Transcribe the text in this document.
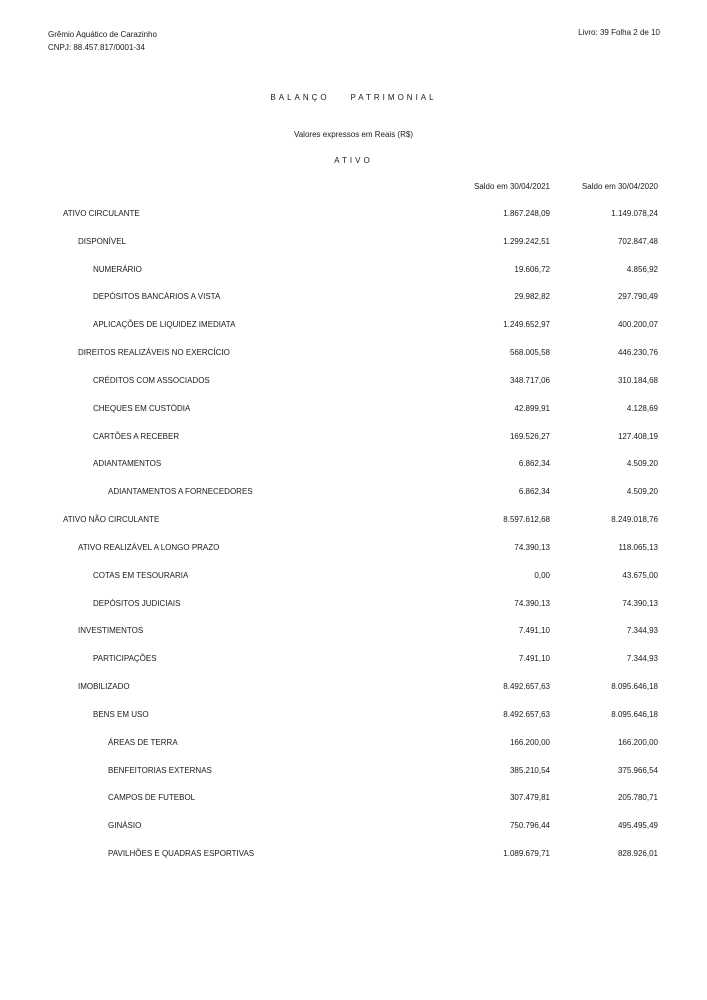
Grêmio Aquático de Carazinho
CNPJ: 88.457.817/0001-34
Livro: 39 Folha 2 de 10
BALANÇO    PATRIMONIAL
Valores expressos em Reais (R$)
ATIVO
Saldo em 30/04/2021	Saldo em 30/04/2020
ATIVO CIRCULANTE	1.867.248,09	1.149.078,24
DISPONÍVEL	1.299.242,51	702.847,48
NUMERÁRIO	19.606,72	4.856,92
DEPÓSITOS BANCÁRIOS A VISTA	29.982,82	297.790,49
APLICAÇÕES DE LIQUIDEZ IMEDIATA	1.249.652,97	400.200,07
DIREITOS REALIZÁVEIS NO EXERCÍCIO	568.005,58	446.230,76
CRÉDITOS COM ASSOCIADOS	348.717,06	310.184,68
CHEQUES EM CUSTÓDIA	42.899,91	4.128,69
CARTÕES A RECEBER	169.526,27	127.408,19
ADIANTAMENTOS	6.862,34	4.509,20
ADIANTAMENTOS A FORNECEDORES	6.862,34	4.509,20
ATIVO NÃO CIRCULANTE	8.597.612,68	8.249.018,76
ATIVO REALIZÁVEL A LONGO PRAZO	74.390,13	118.065,13
COTAS EM TESOURARIA	0,00	43.675,00
DEPÓSITOS JUDICIAIS	74.390,13	74.390,13
INVESTIMENTOS	7.491,10	7.344,93
PARTICIPAÇÕES	7.491,10	7.344,93
IMOBILIZADO	8.492.657,63	8.095.646,18
BENS EM USO	8.492.657,63	8.095.646,18
ÁREAS DE TERRA	166.200,00	166.200,00
BENFEITORIAS EXTERNAS	385.210,54	375.966,54
CAMPOS DE FUTEBOL	307.479,81	205.780,71
GINÁSIO	750.796,44	495.495,49
PAVILHÕES E QUADRAS ESPORTIVAS	1.089.679,71	828.926,01
